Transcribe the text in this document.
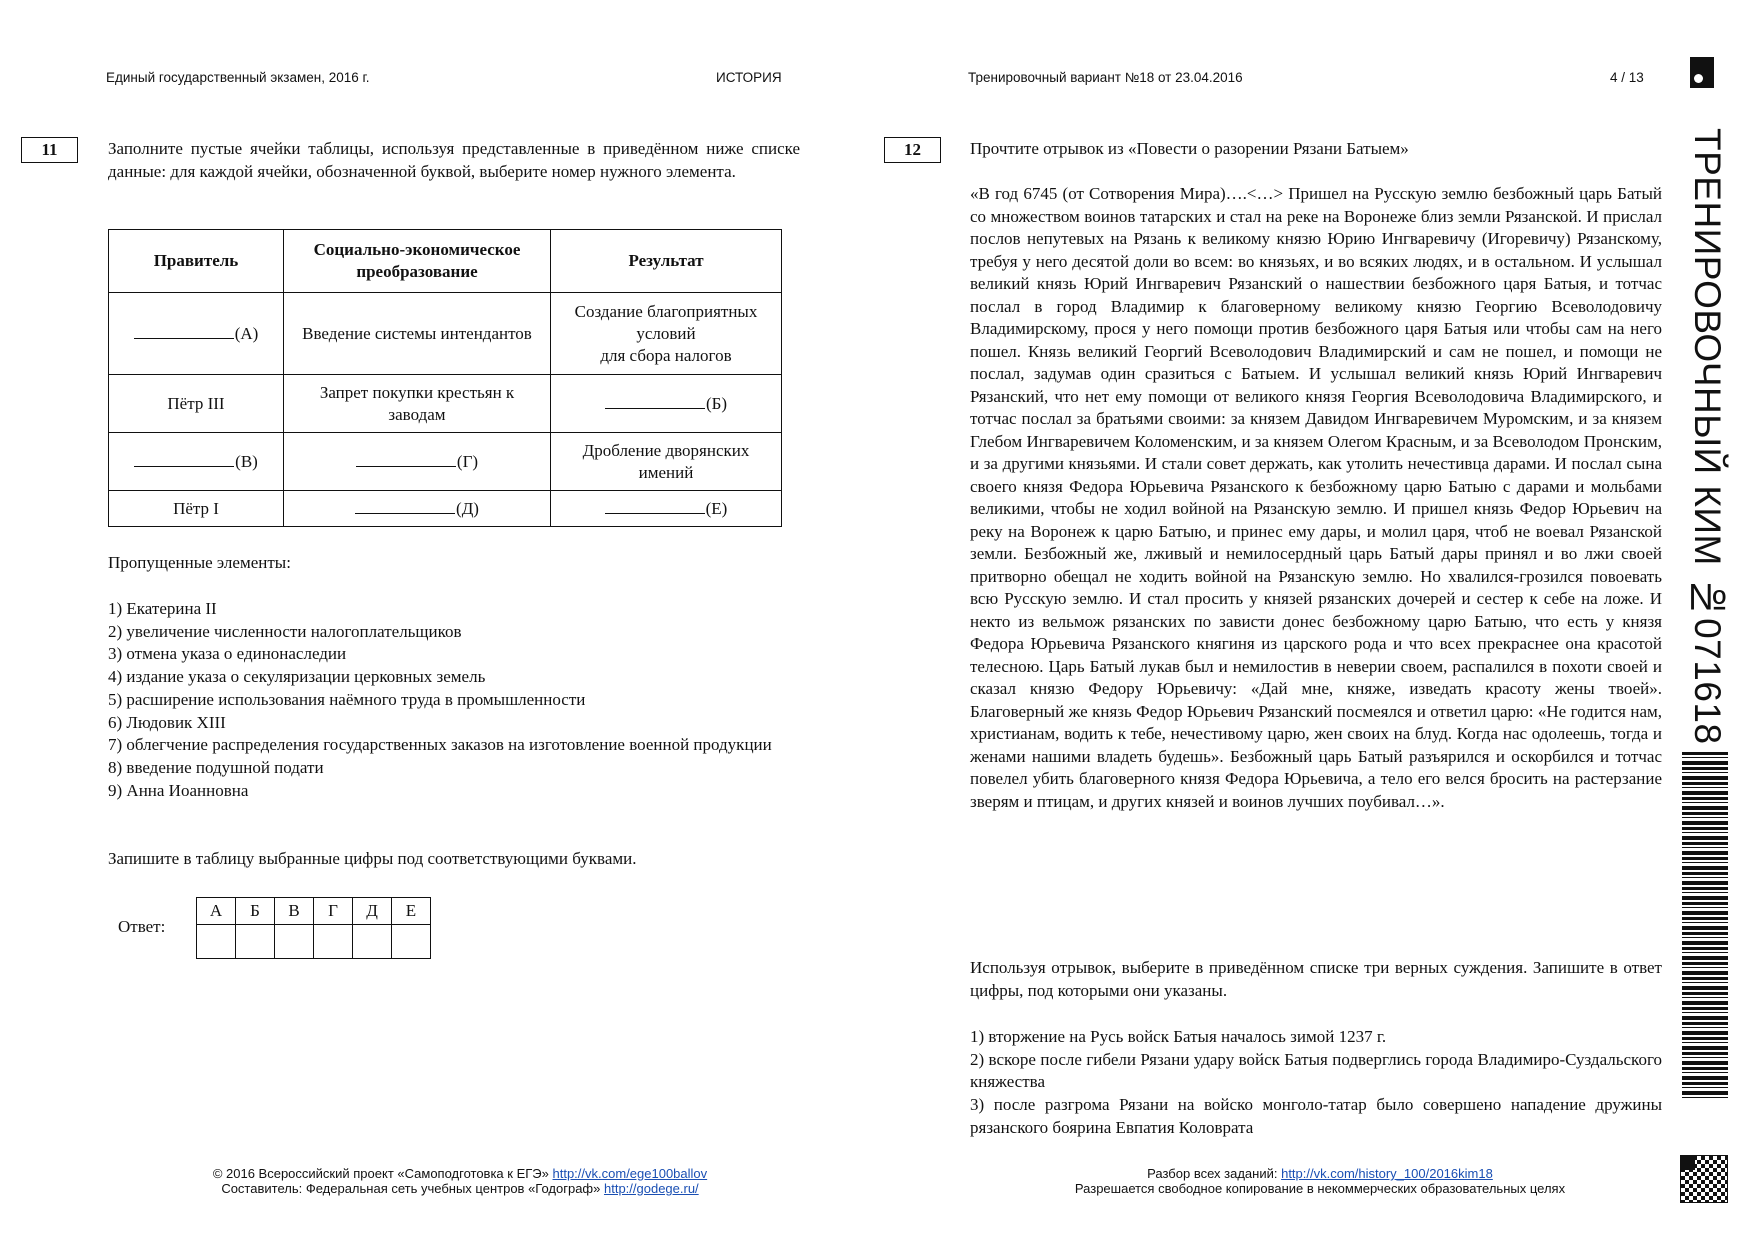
Единый государственный экзамен, 2016 г.	ИСТОРИЯ	Тренировочный вариант №18 от 23.04.2016	4 / 13
11	Заполните пустые ячейки таблицы, используя представленные в приведённом ниже списке данные: для каждой ячейки, обозначенной буквой, выберите номер нужного элемента.

Правитель	Социально-экономическое преобразование	Результат
(А)	Введение системы интендантов	Создание благоприятных условий
для сбора налогов
Пётр III	Запрет покупки крестьян к заводам	(Б)
(В)	(Г)	Дробление дворянских имений
Пётр I	(Д)	(Е)
Пропущенные элементы:
1) Екатерина II
2) увеличение численности налогоплательщиков
3) отмена указа о единонаследии
4) издание указа о секуляризации церковных земель
5) расширение использования наёмного труда в промышленности
6) Людовик XIII
7) облегчение распределения государственных заказов на изготовление военной продукции
8) введение подушной подати
9) Анна Иоанновна
Запишите в таблицу выбранные цифры под соответствующими буквами.
Ответ:
А	Б	В	Г	Д	Е

12	Прочтите отрывок из «Повести о разорении Рязани Батыем»

«В год 6745 (от Сотворения Мира)….<…> Пришел на Русскую землю безбожный царь Батый со множеством воинов татарских и стал на реке на Воронеже близ земли Рязанской. И прислал послов непутевых на Рязань к великому князю Юрию Ингваревичу (Игоревичу) Рязанскому, требуя у него десятой доли во всем: во князьях, и во всяких людях, и в остальном. И услышал великий князь Юрий Ингваревич Рязанский о нашествии безбожного царя Батыя, и тотчас послал в город Владимир к благоверному великому князю Георгию Всеволодовичу Владимирскому, прося у него помощи против безбожного царя Батыя или чтобы сам на него пошел. Князь великий Георгий Всеволодович Владимирский и сам не пошел, и помощи не послал, задумав один сразиться с Батыем. И услышал великий князь Юрий Ингваревич Рязанский, что нет ему помощи от великого князя Георгия Всеволодовича Владимирского, и тотчас послал за братьями своими: за князем Давидом Ингваревичем Муромским, и за князем Глебом Ингваревичем Коломенским, и за князем Олегом Красным, и за Всеволодом Пронским, и за другими князьями. И стали совет держать, как утолить нечестивца дарами. И послал сына своего князя Федора Юрьевича Рязанского к безбожному царю Батыю с дарами и мольбами великими, чтобы не ходил войной на Рязанскую землю. И пришел князь Федор Юрьевич на реку на Воронеж к царю Батыю, и принес ему дары, и молил царя, чтоб не воевал Рязанской земли. Безбожный же, лживый и немилосердный царь Батый дары принял и во лжи своей притворно обещал не ходить войной на Рязанскую землю. Но хвалился-грозился повоевать всю Русскую землю. И стал просить у князей рязанских дочерей и сестер к себе на ложе. И некто из вельмож рязанских по зависти донес безбожному царю Батыю, что есть у князя Федора Юрьевича Рязанского княгиня из царского рода и что всех прекраснее она красотой телесною. Царь Батый лукав был и немилостив в неверии своем, распалился в похоти своей и сказал князю Федору Юрьевичу: «Дай мне, княже, изведать красоту жены твоей». Благоверный же князь Федор Юрьевич Рязанский посмеялся и ответил царю: «Не годится нам, христианам, водить к тебе, нечестивому царю, жен своих на блуд. Когда нас одолеешь, тогда и женами нашими владеть будешь». Безбожный царь Батый разъярился и оскорбился и тотчас повелел убить благоверного князя Федора Юрьевича, а тело его велся бросить на растерзание зверям и птицам, и других князей и воинов лучших поубивал…».

Используя отрывок, выберите в приведённом списке три верных суждения. Запишите в ответ цифры, под которыми они указаны.

1) вторжение на Русь войск Батыя началось зимой 1237 г.
2) вскоре после гибели Рязани удару войск Батыя подверглись города Владимиро-Суздальского княжества
3) после разгрома Рязани на войско монголо-татар было совершено нападение дружины рязанского боярина Евпатия Коловрата
© 2016 Всероссийский проект «Самоподготовка к ЕГЭ» http://vk.com/ege100ballov
Составитель: Федеральная сеть учебных центров «Годограф» http://godege.ru/
Разбор всех заданий: http://vk.com/history_100/2016kim18
Разрешается свободное копирование в некоммерческих образовательных целях
ТРЕНИРОВОЧНЫЙ КИМ №071618
